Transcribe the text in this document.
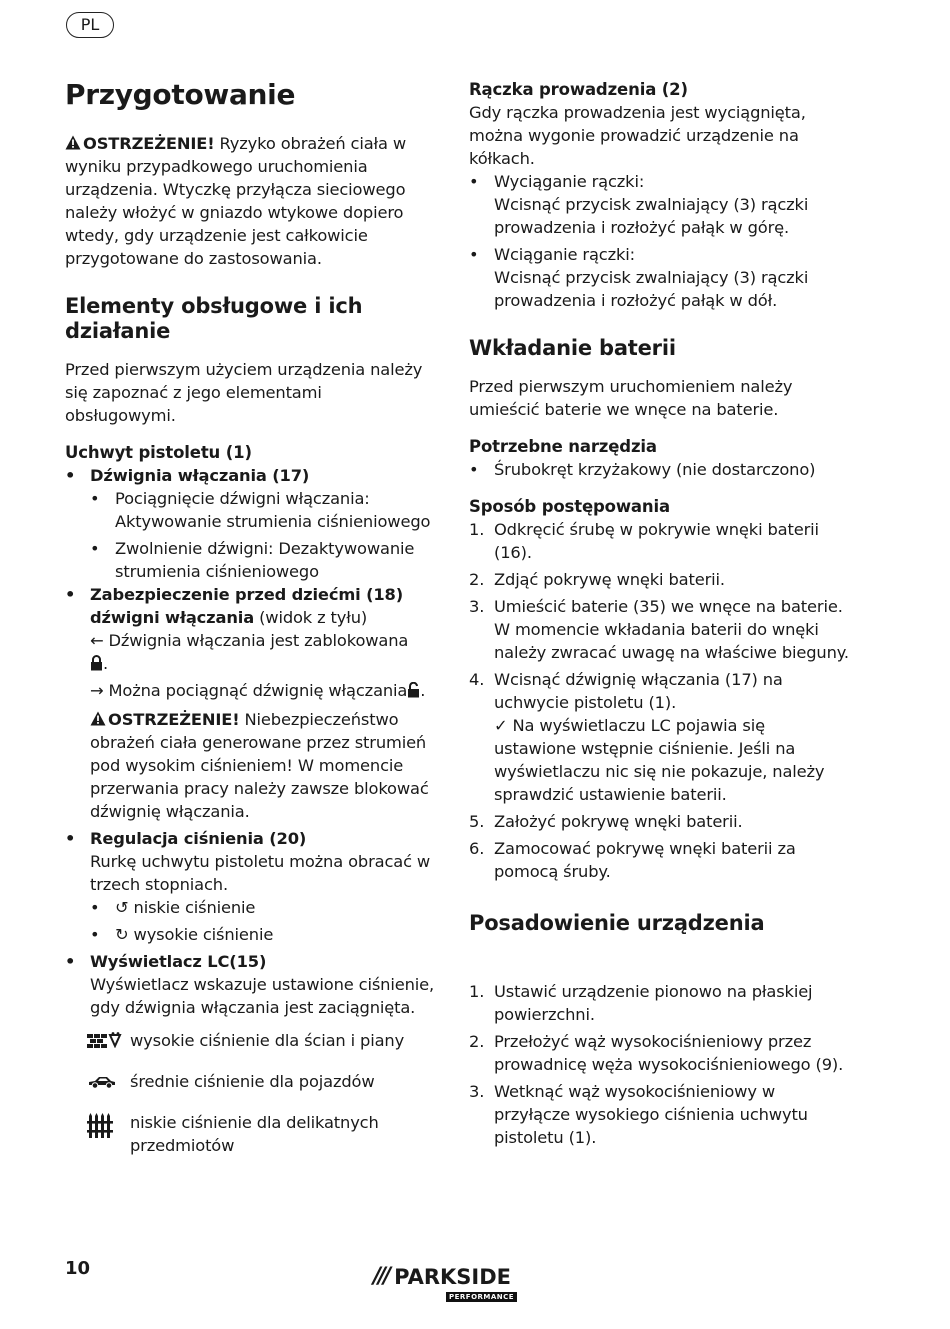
PL
Przygotowanie

OSTRZEŻENIE! Ryzyko obrażeń ciała w wyniku przypadkowego uruchomienia urządzenia. Wtyczkę przyłącza sieciowego należy włożyć w gniazdo wtykowe dopiero wtedy, gdy urządzenie jest całkowicie przygotowane do zastosowania.

Elementy obsługowe i ich działanie

Przed pierwszym użyciem urządzenia należy się zapoznać z jego elementami obsługowymi.

Uchwyt pistoletu (1)
• Dźwignia włączania (17)
• Pociągnięcie dźwigni włączania: Aktywowanie strumienia ciśnieniowego
• Zwolnienie dźwigni: Dezaktywowanie strumienia ciśnieniowego
• Zabezpieczenie przed dziećmi (18) dźwigni włączania (widok z tyłu)
← Dźwignia włączania jest zablokowana
.
→ Można pociągnąć dźwignię włączania .

OSTRZEŻENIE! Niebezpieczeństwo obrażeń ciała generowane przez strumień pod wysokim ciśnieniem! W momencie przerwania pracy należy zawsze blokować dźwignię włączania.

• Regulacja ciśnienia (20)

Rurkę uchwytu pistoletu można obracać w trzech stopniach.

• ↺ niskie ciśnienie
• ↻ wysokie ciśnienie
• Wyświetlacz LC(15)

Wyświetlacz wskazuje ustawione ciśnienie, gdy dźwignia włączania jest zaciągnięta.

wysokie ciśnienie dla ścian i piany
średnie ciśnienie dla pojazdów
niskie ciśnienie dla delikatnych przedmiotów
Rączka prowadzenia (2)

Gdy rączka prowadzenia jest wyciągnięta, można wygonie prowadzić urządzenie na kółkach.

• Wyciąganie rączki:
Wcisnąć przycisk zwalniający (3) rączki prowadzenia i rozłożyć pałąk w górę.
• Wciąganie rączki:
Wcisnąć przycisk zwalniający (3) rączki prowadzenia i rozłożyć pałąk w dół.
Wkładanie baterii

Przed pierwszym uruchomieniem należy umieścić baterie we wnęce na baterie.

Potrzebne narzędzia
• Śrubokręt krzyżakowy (nie dostarczono)
Sposób postępowania
1. Odkręcić śrubę w pokrywie wnęki baterii (16).
2. Zdjąć pokrywę wnęki baterii.
3. Umieścić baterie (35) we wnęce na baterie. W momencie wkładania baterii do wnęki należy zwracać uwagę na właściwe bieguny.
4. Wcisnąć dźwignię włączania (17) na uchwycie pistoletu (1).
✓ Na wyświetlaczu LC pojawia się ustawione wstępnie ciśnienie. Jeśli na wyświetlaczu nic się nie pokazuje, należy sprawdzić ustawienie baterii.
5. Założyć pokrywę wnęki baterii.
6. Zamocować pokrywę wnęki baterii za pomocą śruby.
Posadowienie urządzenia
1. Ustawić urządzenie pionowo na płaskiej powierzchni.
2. Przełożyć wąż wysokociśnieniowy przez prowadnicę węża wysokociśnieniowego (9).
3. Wetknąć wąż wysokociśnieniowy w przyłącze wysokiego ciśnienia uchwytu pistoletu (1).
10	/// PARKSIDE
PERFORMANCE
